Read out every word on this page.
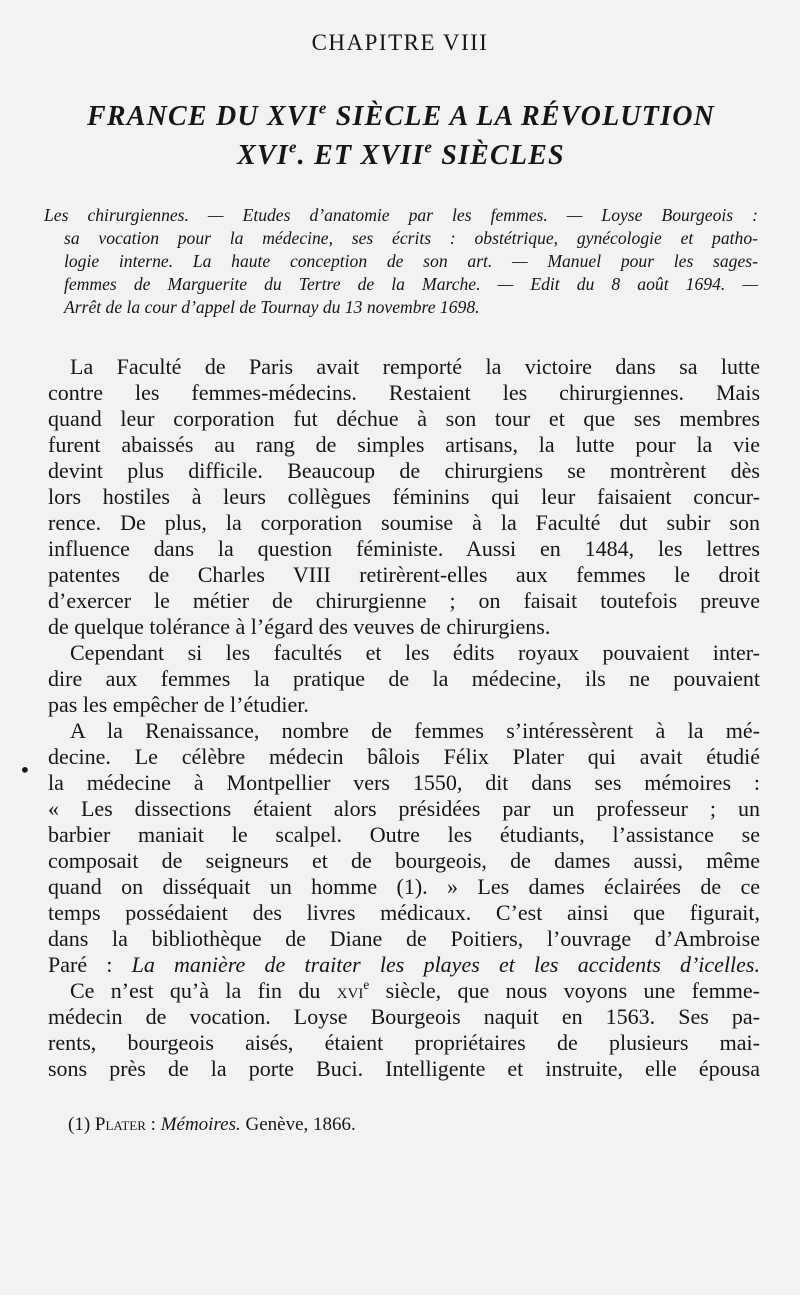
CHAPITRE VIII
FRANCE DU XVIe SIÈCLE A LA RÉVOLUTION
XVIe. ET XVIIe SIÈCLES
Les chirurgiennes. — Etudes d’anatomie par les femmes. — Loyse Bourgeois :
sa vocation pour la médecine, ses écrits : obstétrique, gynécologie et patho-
logie interne. La haute conception de son art. — Manuel pour les sages-
femmes de Marguerite du Tertre de la Marche. — Edit du 8 août 1694. —
Arrêt de la cour d’appel de Tournay du 13 novembre 1698.
La Faculté de Paris avait remporté la victoire dans sa lutte
contre les femmes-médecins. Restaient les chirurgiennes. Mais
quand leur corporation fut déchue à son tour et que ses membres
furent abaissés au rang de simples artisans, la lutte pour la vie
devint plus difficile. Beaucoup de chirurgiens se montrèrent dès
lors hostiles à leurs collègues féminins qui leur faisaient concur-
rence. De plus, la corporation soumise à la Faculté dut subir son
influence dans la question féministe. Aussi en 1484, les lettres
patentes de Charles VIII retirèrent-elles aux femmes le droit
d’exercer le métier de chirurgienne ; on faisait toutefois preuve
de quelque tolérance à l’égard des veuves de chirurgiens.
Cependant si les facultés et les édits royaux pouvaient inter-
dire aux femmes la pratique de la médecine, ils ne pouvaient
pas les empêcher de l’étudier.
A la Renaissance, nombre de femmes s’intéressèrent à la mé-
decine. Le célèbre médecin bâlois Félix Plater qui avait étudié
la médecine à Montpellier vers 1550, dit dans ses mémoires :
« Les dissections étaient alors présidées par un professeur ; un
barbier maniait le scalpel. Outre les étudiants, l’assistance se
composait de seigneurs et de bourgeois, de dames aussi, même
quand on disséquait un homme (1). » Les dames éclairées de ce
temps possédaient des livres médicaux. C’est ainsi que figurait,
dans la bibliothèque de Diane de Poitiers, l’ouvrage d’Ambroise
Paré : La manière de traiter les playes et les accidents d’icelles.
Ce n’est qu’à la fin du xvi$^e$ siècle, que nous voyons une femme-
médecin de vocation. Loyse Bourgeois naquit en 1563. Ses pa-
rents, bourgeois aisés, étaient propriétaires de plusieurs mai-
sons près de la porte Buci. Intelligente et instruite, elle épousa
•
(1) Plater : Mémoires. Genève, 1866.
